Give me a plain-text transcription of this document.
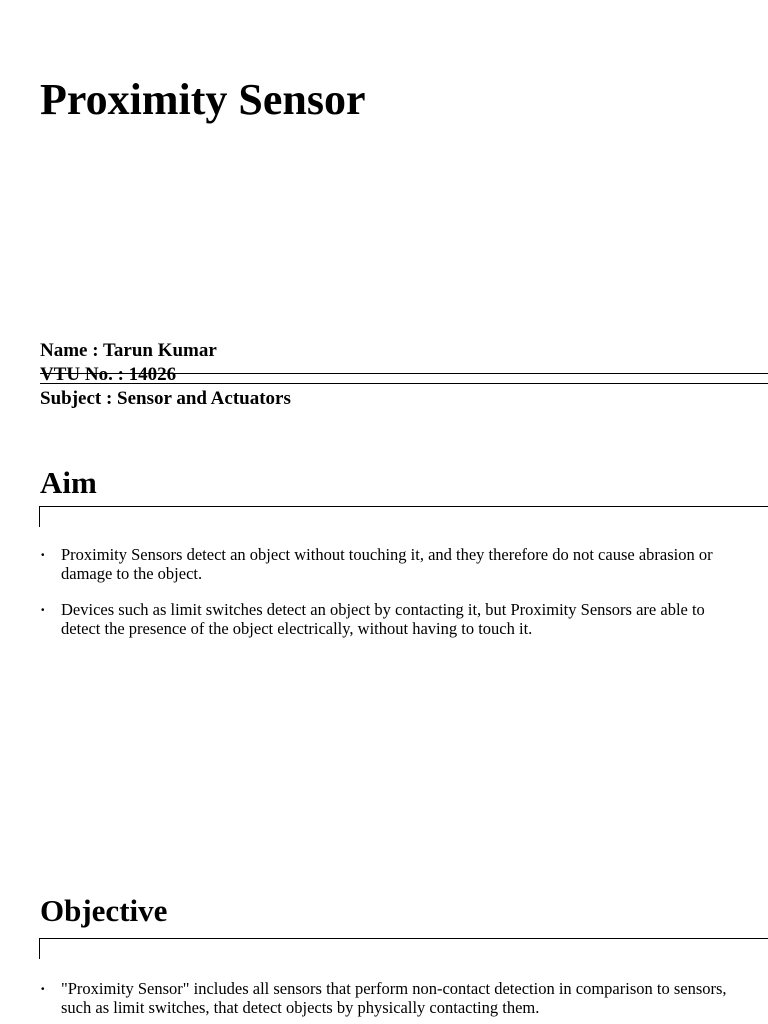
Proximity Sensor

Name : Tarun Kumar

VTU No. : 14026

Subject : Sensor and Actuators

Aim
· Proximity Sensors detect an object without touching it, and they therefore do not cause abrasion or damage to the object.
· Devices such as limit switches detect an object by contacting it, but Proximity Sensors are able to detect the presence of the object electrically, without having to touch it.
Objective
· "Proximity Sensor" includes all sensors that perform non-contact detection in comparison to sensors, such as limit switches, that detect objects by physically contacting them.
